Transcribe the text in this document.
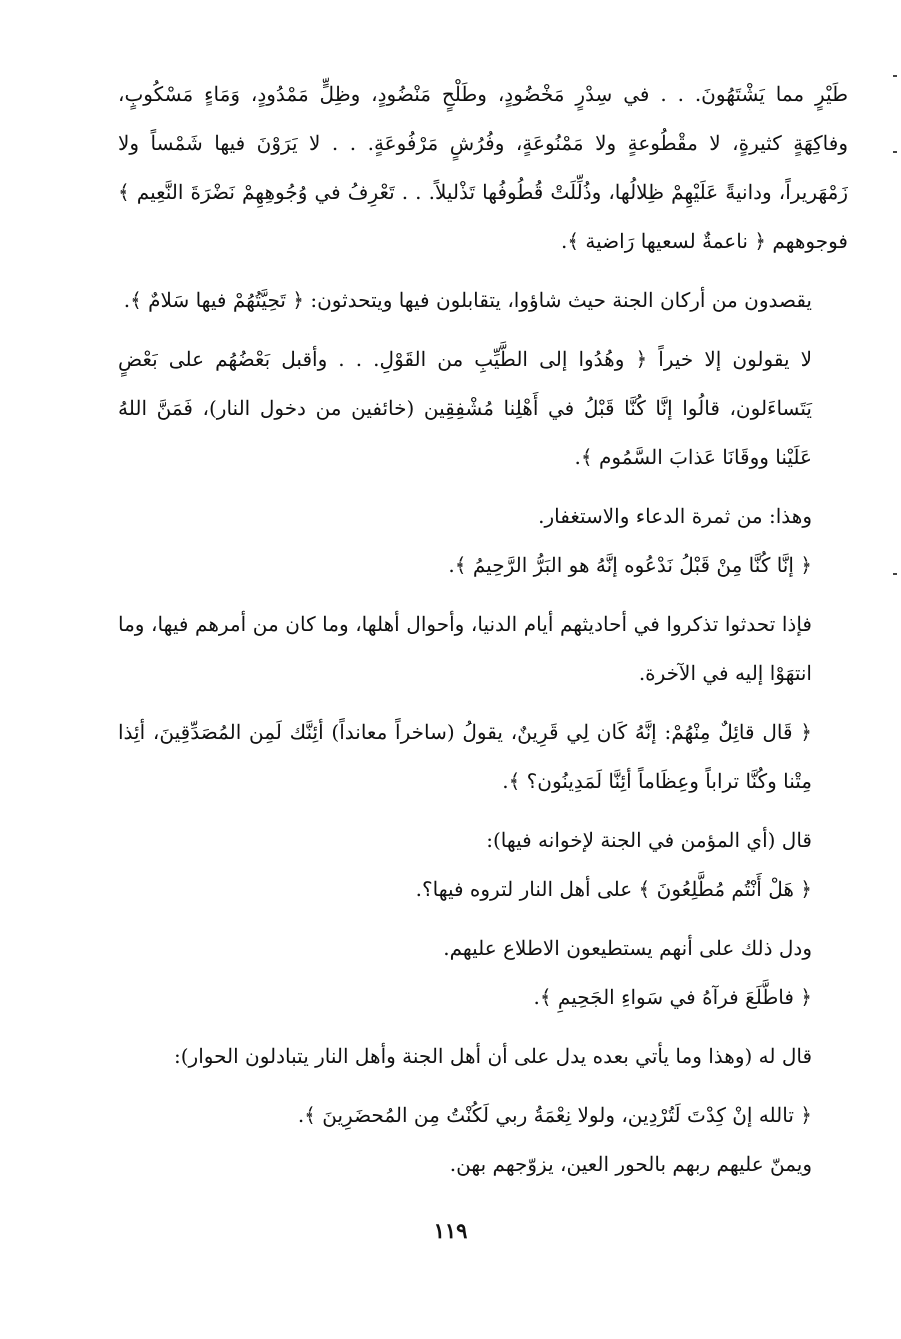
طَيْرٍ مما يَشْتَهُونَ. . . في سِدْرٍ مَخْضُودٍ، وطَلْحٍ مَنْضُودٍ، وظِلٍّ مَمْدُودٍ، وَمَاءٍ مَسْكُوبٍ، وفاكِهَةٍ كثيرةٍ، لا مقْطُوعةٍ ولا مَمْنُوعَةٍ، وفُرُشٍ مَرْفُوعَةٍ. . . لا يَرَوْنَ فيها شَمْساً ولا زَمْهَريراً، ودانيةً عَلَيْهِمْ ظِلالُها، وذُلِّلَتْ قُطُوفُها تَذْليلاً. . . تَعْرِفُ في وُجُوهِهِمْ نَضْرَةَ النَّعِيم ﴾ فوجوههم ﴿ ناعمةٌ لسعيها رَاضية ﴾.

يقصدون من أركان الجنة حيث شاؤوا، يتقابلون فيها ويتحدثون: ﴿ تَحِيَّتُهُمْ فيها سَلامٌ ﴾.

لا يقولون إلا خيراً ﴿ وهُدُوا إلى الطَّيِّبِ من القَوْلِ. . . وأقبل بَعْضُهُم على بَعْضٍ يَتَساءَلون، قالُوا إنَّا كُنَّا قَبْلُ في أَهْلِنا مُشْفِقِين (خائفين من دخول النار)، فَمَنَّ اللهُ عَلَيْنا ووقَانَا عَذابَ السَّمُوم ﴾.

وهذا: من ثمرة الدعاء والاستغفار.

﴿ إنَّا كُنَّا مِنْ قَبْلُ نَدْعُوه إنَّهُ هو البَرُّ الرَّحِيمُ ﴾.

فإذا تحدثوا تذكروا في أحاديثهم أيام الدنيا، وأحوال أهلها، وما كان من أمرهم فيها، وما انتهَوْا إليه في الآخرة.

﴿ قَال قائِلٌ مِنْهُمْ: إنَّهُ كَان لِي قَرِينٌ، يقولُ (ساخراً معانداً) أئِنَّك لَمِن المُصَدِّقِينَ، أئِذا مِتْنا وكُنَّا تراباً وعِظَاماً أئِنَّا لَمَدِينُون؟ ﴾.

قال (أي المؤمن في الجنة لإخوانه فيها):

﴿ هَلْ أَنْتُم مُطَّلِعُونَ ﴾ على أهل النار لتروه فيها؟.

ودل ذلك على أنهم يستطيعون الاطلاع عليهم.

﴿ فاطَّلَعَ فرآهُ في سَواءِ الجَحِيمِ ﴾.

قال له (وهذا وما يأتي بعده يدل على أن أهل الجنة وأهل النار يتبادلون الحوار):

﴿ تالله إنْ كِدْتَ لَتُرْدِين، ولولا نِعْمَةُ ربي لَكُنْتُ مِن المُحضَرِينَ ﴾.

ويمنّ عليهم ربهم بالحور العين، يزوّجهم بهن.

١١٩
